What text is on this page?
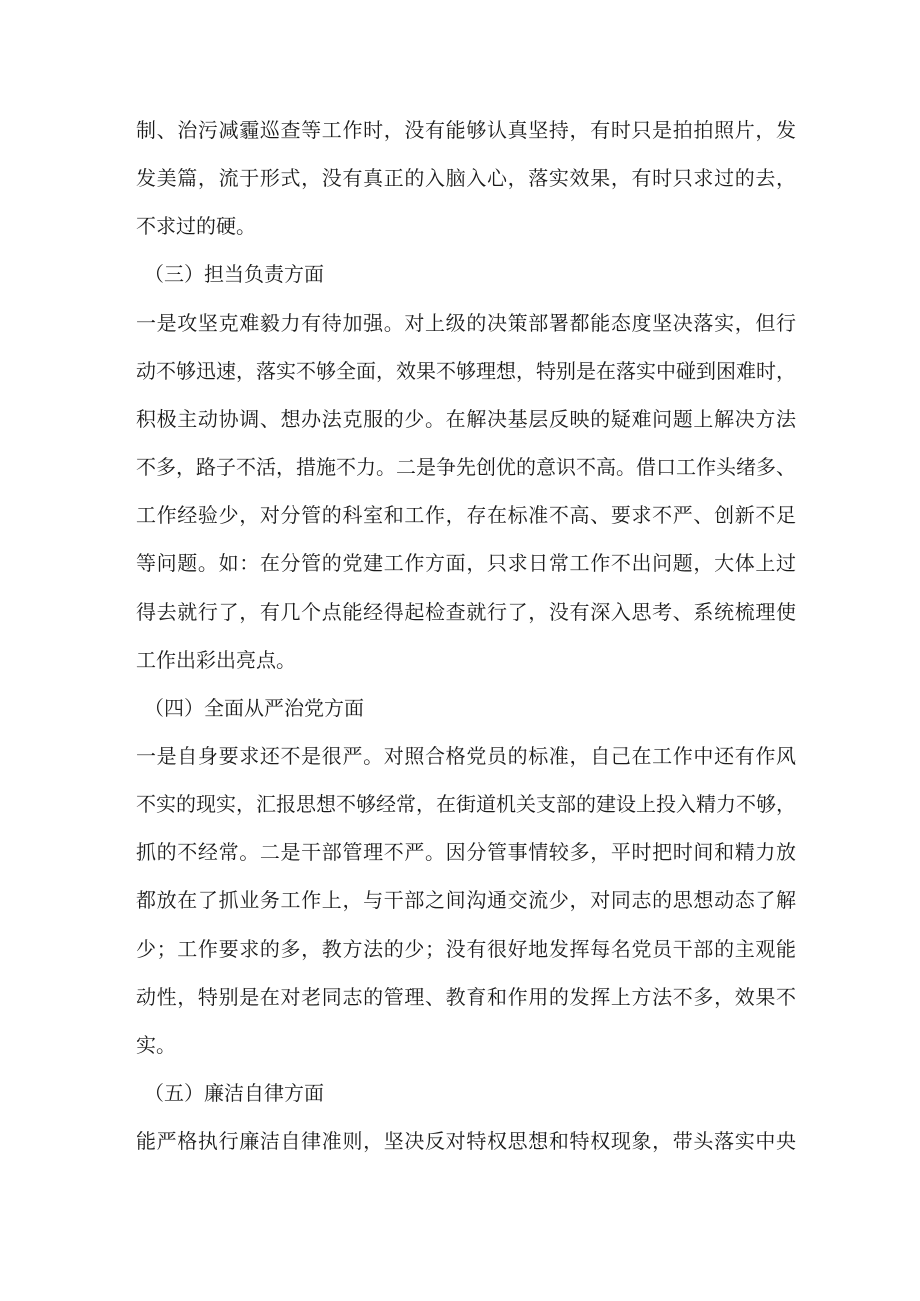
制、治污减霾巡查等工作时，没有能够认真坚持，有时只是拍拍照片，发
发美篇，流于形式，没有真正的入脑入心，落实效果，有时只求过的去，
不求过的硬。
（三）担当负责方面
一是攻坚克难毅力有待加强。对上级的决策部署都能态度坚决落实，但行
动不够迅速，落实不够全面，效果不够理想，特别是在落实中碰到困难时，
积极主动协调、想办法克服的少。在解决基层反映的疑难问题上解决方法
不多，路子不活，措施不力。二是争先创优的意识不高。借口工作头绪多、
工作经验少，对分管的科室和工作，存在标准不高、要求不严、创新不足
等问题。如：在分管的党建工作方面，只求日常工作不出问题，大体上过
得去就行了，有几个点能经得起检查就行了，没有深入思考、系统梳理使
工作出彩出亮点。
（四）全面从严治党方面
一是自身要求还不是很严。对照合格党员的标准，自己在工作中还有作风
不实的现实，汇报思想不够经常，在街道机关支部的建设上投入精力不够，
抓的不经常。二是干部管理不严。因分管事情较多，平时把时间和精力放
都放在了抓业务工作上，与干部之间沟通交流少，对同志的思想动态了解
少；工作要求的多，教方法的少；没有很好地发挥每名党员干部的主观能
动性，特别是在对老同志的管理、教育和作用的发挥上方法不多，效果不
实。
（五）廉洁自律方面
能严格执行廉洁自律准则，坚决反对特权思想和特权现象，带头落实中央
